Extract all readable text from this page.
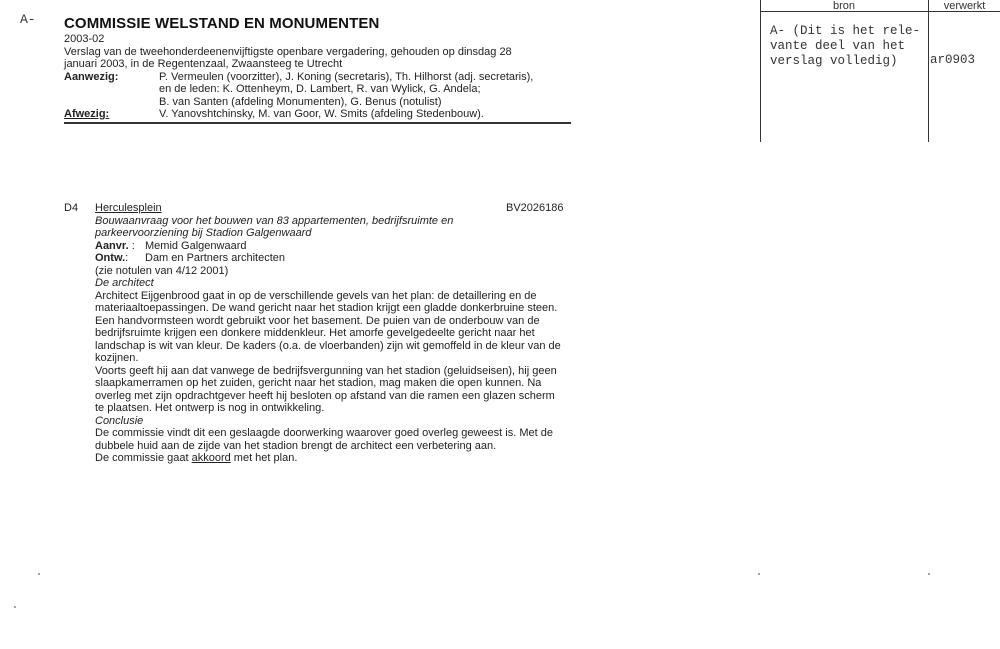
A- COMMISSIE WELSTAND EN MONUMENTEN
2003-02
Verslag van de tweehonderdeenenvijftigste openbare vergadering, gehouden op dinsdag 28
januari 2003, in de Regentenzaal, Zwaansteeg te Utrecht
Aanwezig:	P. Vermeulen (voorzitter), J. Koning (secretaris), Th. Hilhorst (adj. secretaris),
en de leden: K. Ottenheym, D. Lambert, R. van Wylick, G. Andela;
B. van Santen (afdeling Monumenten), G. Benus (notulist)
Afwezig:	V. Yanovshtchinsky, M. van Goor, W. Smits (afdeling Stedenbouw).
bron	verwerkt
A- (Dit is het rele-
vante deel van het
verslag volledig)	ar0903
D4	BV2026186
Herculesplein
Bouwaanvraag voor het bouwen van 83 appartementen, bedrijfsruimte en
parkeervoorziening bij Stadion Galgenwaard
Aanvr. : Memid Galgenwaard
Ontw.:	Dam en Partners architecten
(zie notulen van 4/12 2001)
De architect
Architect Eijgenbrood gaat in op de verschillende gevels van het plan: de detaillering en de
materiaaltoepassingen. De wand gericht naar het stadion krijgt een gladde donkerbruine steen.
Een handvormsteen wordt gebruikt voor het basement. De puien van de onderbouw van de
bedrijfsruimte krijgen een donkere middenkleur. Het amorfe gevelgedeelte gericht naar het
landschap is wit van kleur. De kaders (o.a. de vloerbanden) zijn wit gemoffeld in de kleur van de
kozijnen.
Voorts geeft hij aan dat vanwege de bedrijfsvergunning van het stadion (geluidseisen), hij geen
slaapkamerramen op het zuiden, gericht naar het stadion, mag maken die open kunnen. Na
overleg met zijn opdrachtgever heeft hij besloten op afstand van die ramen een glazen scherm
te plaatsen. Het ontwerp is nog in ontwikkeling.
Conclusie
De commissie vindt dit een geslaagde doorwerking waarover goed overleg geweest is. Met de
dubbele huid aan de zijde van het stadion brengt de architect een verbetering aan.
De commissie gaat akkoord met het plan.
